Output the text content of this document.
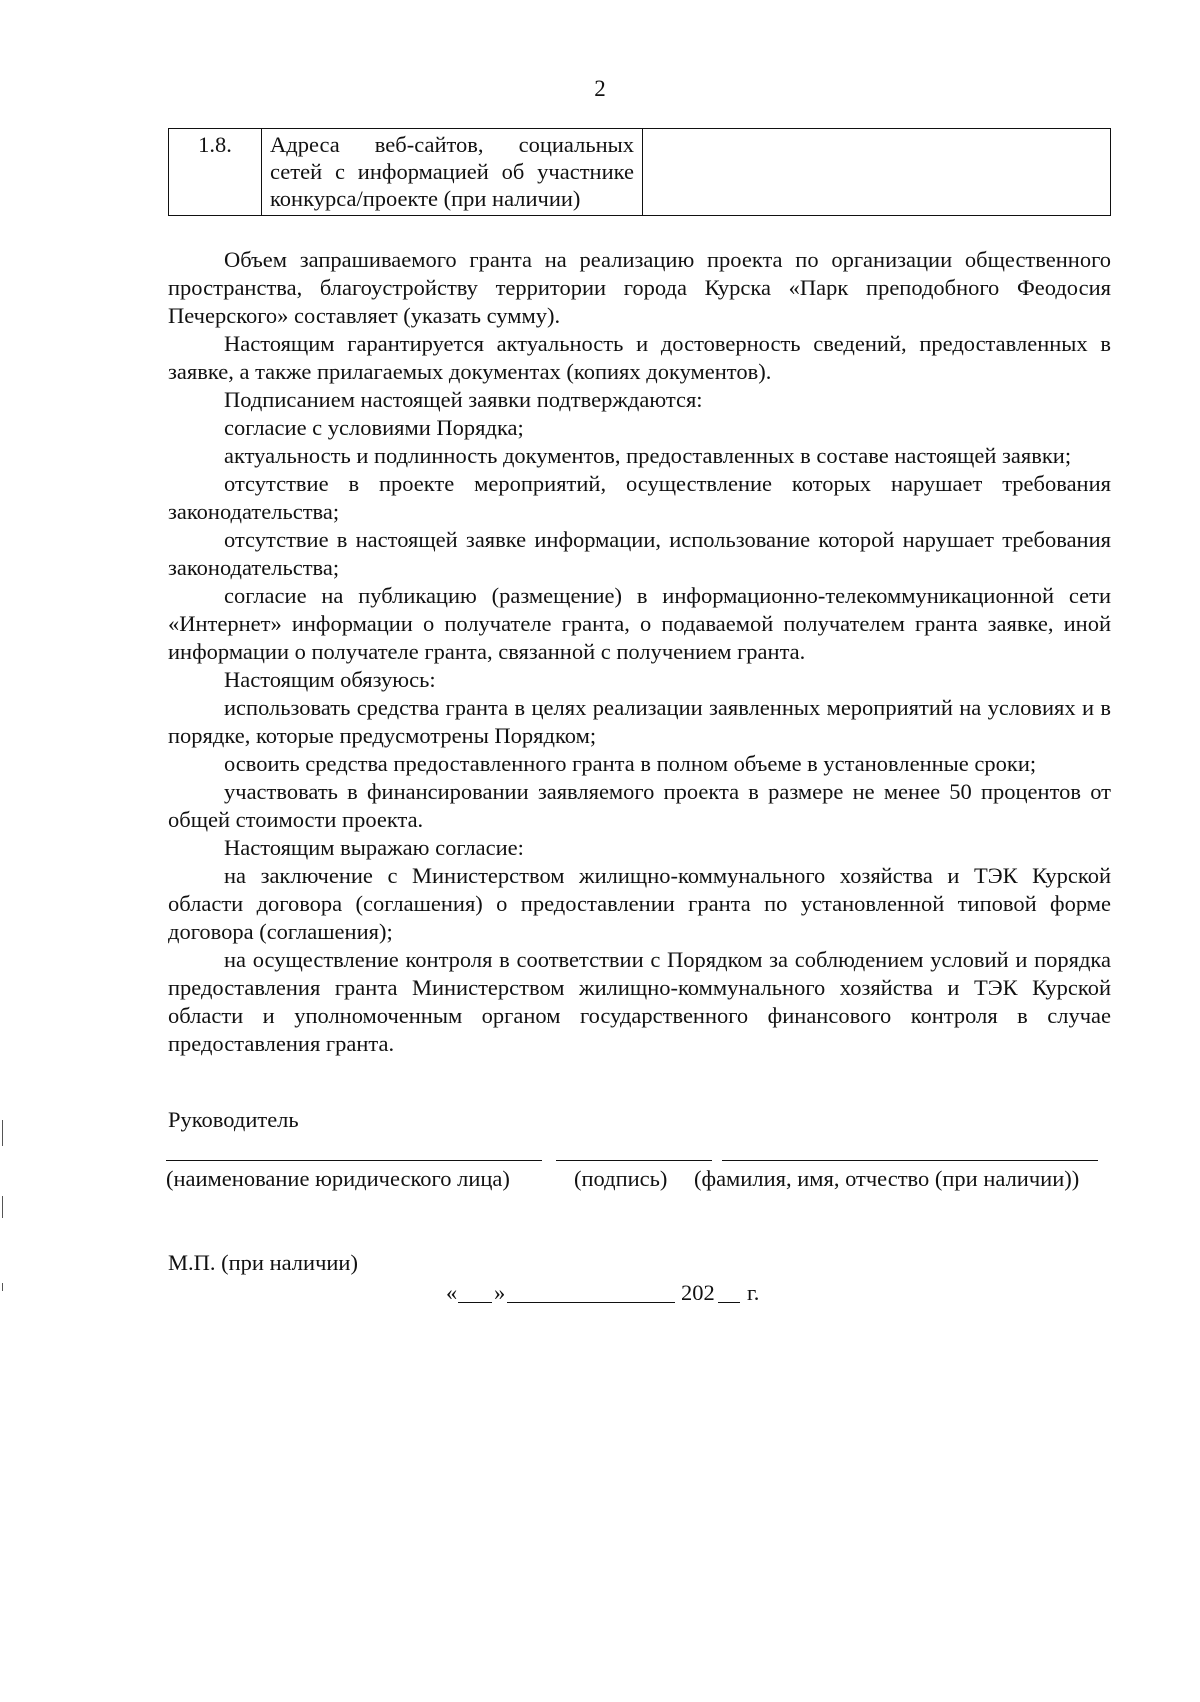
2
1.8.	Адреса веб-сайтов, социальных
сетей с информацией об участнике
конкурса/проекте (при наличии)

Объем запрашиваемого гранта на реализацию проекта по организации общественного пространства, благоустройству территории города Курска «Парк преподобного Феодосия Печерского» составляет (указать сумму).

Настоящим гарантируется актуальность и достоверность сведений, предоставленных в заявке, а также прилагаемых документах (копиях документов).

Подписанием настоящей заявки подтверждаются:

согласие с условиями Порядка;

актуальность и подлинность документов, предоставленных в составе настоящей заявки;

отсутствие в проекте мероприятий, осуществление которых нарушает требования законодательства;

отсутствие в настоящей заявке информации, использование которой нарушает требования законодательства;

согласие на публикацию (размещение) в информационно-телекоммуникационной сети «Интернет» информации о получателе гранта, о подаваемой получателем гранта заявке, иной информации о получателе гранта, связанной с получением гранта.

Настоящим обязуюсь:

использовать средства гранта в целях реализации заявленных мероприятий на условиях и в порядке, которые предусмотрены Порядком;

освоить средства предоставленного гранта в полном объеме в установленные сроки;

участвовать в финансировании заявляемого проекта в размере не менее 50 процентов от общей стоимости проекта.

Настоящим выражаю согласие:

на заключение с Министерством жилищно-коммунального хозяйства и ТЭК Курской области договора (соглашения) о предоставлении гранта по установленной типовой форме договора (соглашения);

на осуществление контроля в соответствии с Порядком за соблюдением условий и порядка предоставления гранта Министерством жилищно-коммунального хозяйства и ТЭК Курской области и уполномоченным органом государственного финансового контроля в случае предоставления гранта.

Руководитель
(наименование юридического лица)	(подпись) (фамилия, имя, отчество (при наличии))
М.П. (при наличии)
« »	202 г.
